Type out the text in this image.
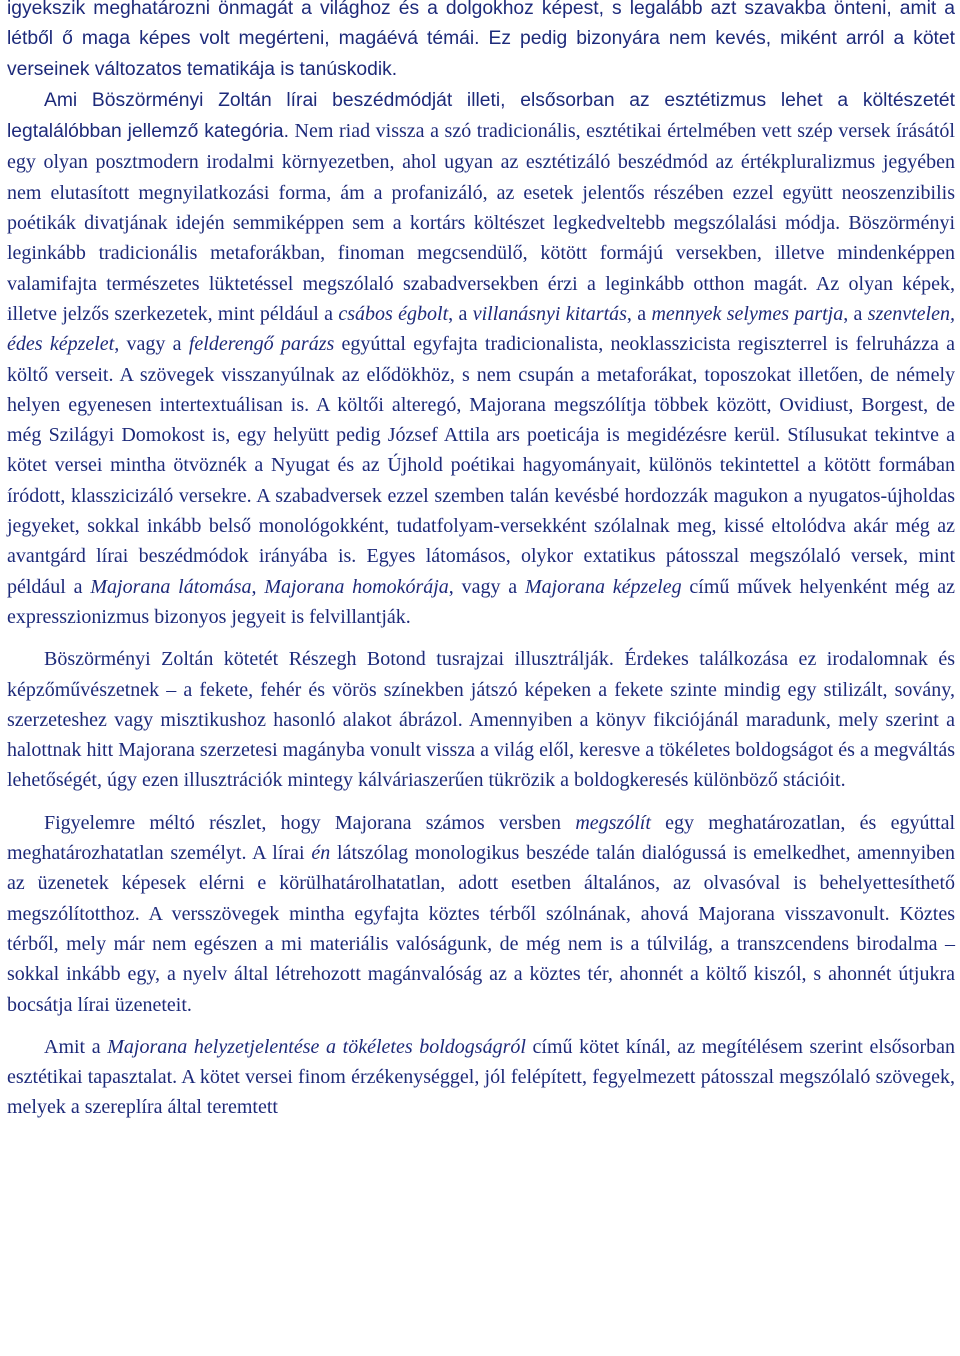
igyekszik meghatározni önmagát a világhoz és a dolgokhoz képest, s legalább azt szavakba önteni, amit a létből ő maga képes volt megérteni, magáévá témái. Ez pedig bizonyára nem kevés, miként arról a kötet verseinek változatos tematikája is tanúskodik.

Ami Böszörményi Zoltán lírai beszédmódját illeti, elsősorban az esztétizmus lehet a költészetét legtalálóbban jellemző kategória. Nem riad vissza a szó tradicionális, esztétikai értelmében vett szép versek írásától egy olyan posztmodern irodalmi környezetben, ahol ugyan az esztétizáló beszédmód az értékpluralizmus jegyében nem elutasított megnyilatkozási forma, ám a profanizáló, az esetek jelentős részében ezzel együtt neoszenzibilis poétikák divatjának idején semmiképpen sem a kortárs költészet legkedveltebb megszólalási módja. Böszörményi leginkább tradicionális metaforákban, finoman megcsendülő, kötött formájú versekben, illetve mindenképpen valamifajta természetes lüktetéssel megszólaló szabadversekben érzi a leginkább otthon magát. Az olyan képek, illetve jelzős szerkezetek, mint például a csábos égbolt, a villanásnyi kitartás, a mennyek selymes partja, a szenvtelen, édes képzelet, vagy a felderengő parázs egyúttal egyfajta tradicionalista, neoklasszicista regiszterrel is felruházza a költő verseit. A szövegek visszanyúlnak az elődökhöz, s nem csupán a metaforákat, toposzokat illetően, de némely helyen egyenesen intertextuálisan is. A költői alteregó, Majorana megszólítja többek között, Ovidiust, Borgest, de még Szilágyi Domokost is, egy helyütt pedig József Attila ars poeticája is megidézésre kerül. Stílusukat tekintve a kötet versei mintha ötvöznék a Nyugat és az Újhold poétikai hagyományait, különös tekintettel a kötött formában íródott, klasszicizáló versekre. A szabadversek ezzel szemben talán kevésbé hordozzák magukon a nyugatos-újholdas jegyeket, sokkal inkább belső monológokként, tudatfolyam-versekként szólalnak meg, kissé eltolódva akár még az avantgárd lírai beszédmódok irányába is. Egyes látomásos, olykor extatikus pátosszal megszólaló versek, mint például a Majorana látomása, Majorana homokórája, vagy a Majorana képzeleg című művek helyenként még az expresszionizmus bizonyos jegyeit is felvillantják.

Böszörményi Zoltán kötetét Részegh Botond tusrajzai illusztrálják. Érdekes találkozása ez irodalomnak és képzőművészetnek – a fekete, fehér és vörös színekben játszó képeken a fekete szinte mindig egy stilizált, sovány, szerzeteshez vagy misztikushoz hasonló alakot ábrázol. Amennyiben a könyv fikciójánál maradunk, mely szerint a halottnak hitt Majorana szerzetesi magányba vonult vissza a világ elől, keresve a tökéletes boldogságot és a megváltás lehetőségét, úgy ezen illusztrációk mintegy kálváriaszerűen tükrözik a boldogkeresés különböző stációit.

Figyelemre méltó részlet, hogy Majorana számos versben megszólít egy meghatározatlan, és egyúttal meghatározhatatlan személyt. A lírai én látszólag monologikus beszéde talán dialógussá is emelkedhet, amennyiben az üzenetek képesek elérni e körülhatárolhatatlan, adott esetben általános, az olvasóval is behelyettesíthető megszólítotthoz. A versszövegek mintha egyfajta köztes térből szólnának, ahová Majorana visszavonult. Köztes térből, mely már nem egészen a mi materiális valóságunk, de még nem is a túlvilág, a transzcendens birodalma – sokkal inkább egy, a nyelv által létrehozott magánvalóság az a köztes tér, ahonnét a költő kiszól, s ahonnét útjukra bocsátja lírai üzeneteit.

Amit a Majorana helyzetjelentése a tökéletes boldogságról című kötet kínál, az megítélésem szerint elsősorban esztétikai tapasztalat. A kötet versei finom érzékenységgel, jól felépített, fegyelmezett pátosszal megszólaló szövegek, melyek a szereplíra által teremtett
